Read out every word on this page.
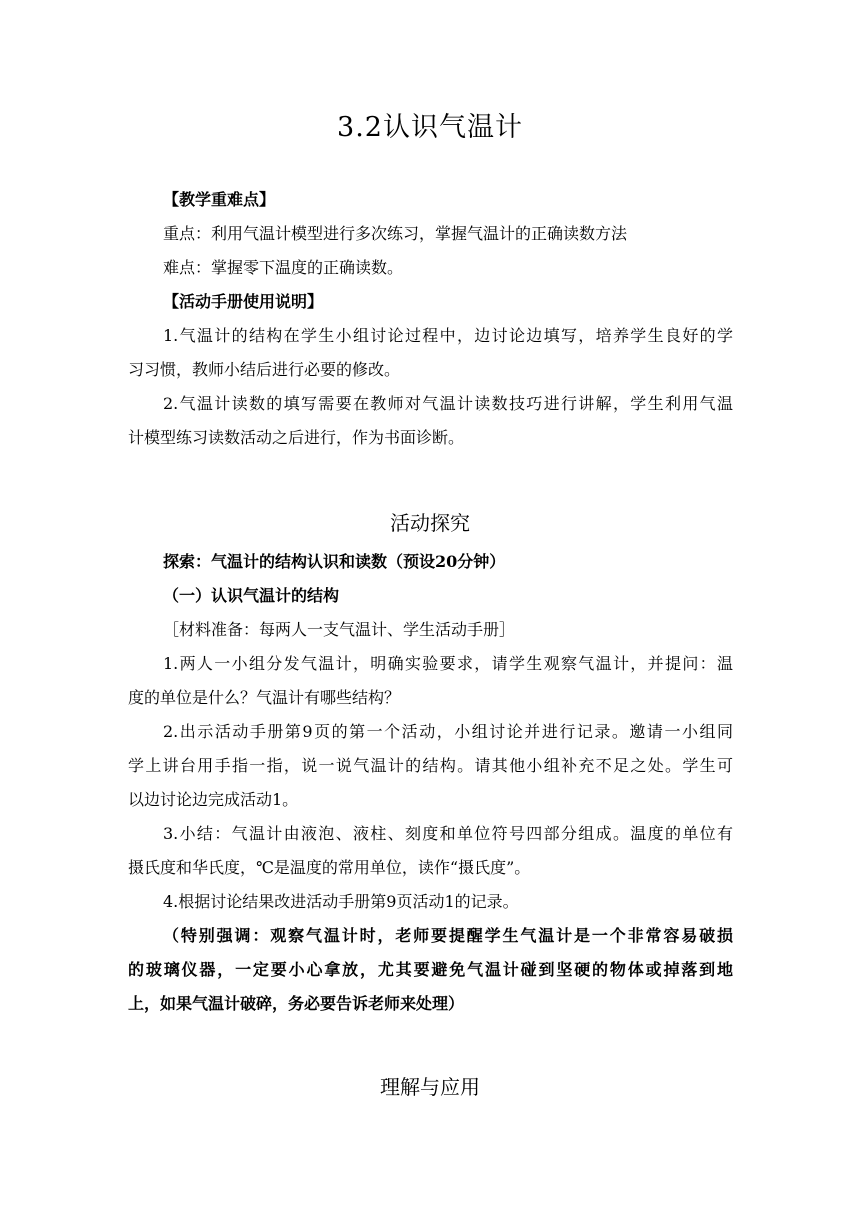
3.2认识气温计
【教学重难点】
重点：利用气温计模型进行多次练习，掌握气温计的正确读数方法
难点：掌握零下温度的正确读数。
【活动手册使用说明】
1.气温计的结构在学生小组讨论过程中，边讨论边填写，培养学生良好的学
习习惯，教师小结后进行必要的修改。
2.气温计读数的填写需要在教师对气温计读数技巧进行讲解，学生利用气温
计模型练习读数活动之后进行，作为书面诊断。
活动探究
探索：气温计的结构认识和读数（预设20分钟）
（一）认识气温计的结构
［材料准备：每两人一支气温计、学生活动手册］
1.两人一小组分发气温计，明确实验要求，请学生观察气温计，并提问：温
度的单位是什么？气温计有哪些结构？
2.出示活动手册第9页的第一个活动，小组讨论并进行记录。邀请一小组同
学上讲台用手指一指，说一说气温计的结构。请其他小组补充不足之处。学生可
以边讨论边完成活动1。
3.小结：气温计由液泡、液柱、刻度和单位符号四部分组成。温度的单位有
摄氏度和华氏度，℃是温度的常用单位，读作“摄氏度”。
4.根据讨论结果改进活动手册第9页活动1的记录。
（特别强调：观察气温计时，老师要提醒学生气温计是一个非常容易破损
的玻璃仪器，一定要小心拿放，尤其要避免气温计碰到坚硬的物体或掉落到地
上，如果气温计破碎，务必要告诉老师来处理）
理解与应用
